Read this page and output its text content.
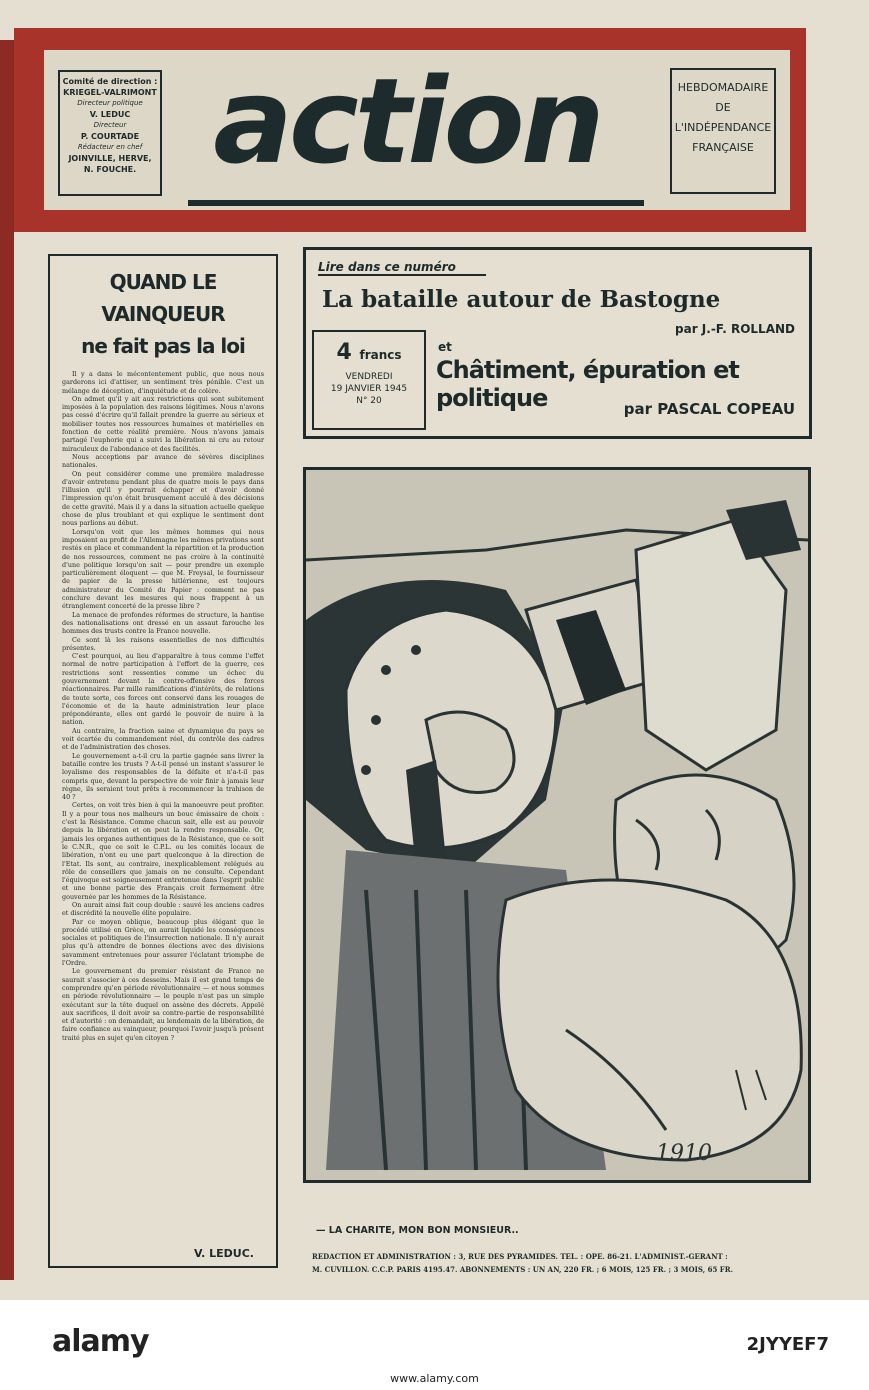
Comité de direction :
KRIEGEL-VALRIMONT
Directeur politique
V. LEDUC
Directeur
P. COURTADE
Rédacteur en chef
JOINVILLE, HERVE,
N. FOUCHE. action	HEBDOMADAIRE
DE
L'INDÉPENDANCE
FRANÇAISE
QUAND LE VAINQUEUR
ne fait pas la loi

Il y a dans le mécontentement public, que nous nous garderons ici d'attiser, un sentiment très pénible. C'est un mélange de déception, d'inquiétude et de colère.

On admet qu'il y ait aux restrictions qui sont subitement imposées à la population des raisons légitimes. Nous n'avons pas cessé d'écrire qu'il fallait prendre la guerre au sérieux et mobiliser toutes nos ressources humaines et matérielles en fonction de cette réalité première. Nous n'avons jamais partagé l'euphorie qui a suivi la libération ni cru au retour miraculeux de l'abondance et des facilités.

Nous acceptions par avance de sévères disciplines nationales.

On peut considérer comme une première maladresse d'avoir entretenu pendant plus de quatre mois le pays dans l'illusion qu'il y pourrait échapper et d'avoir donné l'impression qu'on était brusquement acculé à des décisions de cette gravité. Mais il y a dans la situation actuelle quelque chose de plus troublant et qui explique le sentiment dont nous parlions au début.

Lorsqu'on voit que les mêmes hommes qui nous imposaient au profit de l'Allemagne les mêmes privations sont restés en place et commandent la répartition et la production de nos ressources, comment ne pas croire à la continuité d'une politique lorsqu'on sait — pour prendre un exemple particulièrement éloquent — que M. Freysal, le fournisseur de papier de la presse hitlérienne, est toujours administrateur du Comité du Papier : comment ne pas conclure devant les mesures qui nous frappent à un étranglement concerté de la presse libre ?

La menace de profondes réformes de structure, la hantise des nationalisations ont dressé en un assaut farouche les hommes des trusts contre la France nouvelle.

Ce sont là les raisons essentielles de nos difficultés présentes.

C'est pourquoi, au lieu d'apparaître à tous comme l'effet normal de notre participation à l'effort de la guerre, ces restrictions sont ressenties comme un échec du gouvernement devant la contre-offensive des forces réactionnaires. Par mille ramifications d'intérêts, de relations de toute sorte, ces forces ont conservé dans les rouages de l'économie et de la haute administration leur place prépondérante, elles ont gardé le pouvoir de nuire à la nation.

Au contraire, la fraction saine et dynamique du pays se voit écartée du commandement réel, du contrôle des cadres et de l'administration des choses.

Le gouvernement a-t-il cru la partie gagnée sans livrer la bataille contre les trusts ? A-t-il pensé un instant s'assurer le loyalisme des responsables de la défaite et n'a-t-il pas compris que, devant la perspective de voir finir à jamais leur règne, ils seraient tout prêts à recommencer la trahison de 40 ?

Certes, on voit très bien à qui la manoeuvre peut profiter. Il y a pour tous nos malheurs un bouc émissaire de choix : c'est la Résistance. Comme chacun sait, elle est au pouvoir depuis la libération et on peut la rendre responsable. Or, jamais les organes authentiques de la Résistance, que ce soit le C.N.R., que ce soit le C.P.L. ou les comités locaux de libération, n'ont eu une part quelconque à la direction de l'Etat. Ils sont, au contraire, inexplicablement relégués au rôle de conseillers que jamais on ne consulte. Cependant l'équivoque est soigneusement entretenue dans l'esprit public et une bonne partie des Français croit fermement être gouvernée par les hommes de la Résistance.

On aurait ainsi fait coup double : sauvé les anciens cadres et discrédité la nouvelle élite populaire.

Par ce moyen oblique, beaucoup plus élégant que le procédé utilisé en Grèce, on aurait liquidé les conséquences sociales et politiques de l'insurrection nationale. Il n'y aurait plus qu'à attendre de bonnes élections avec des divisions savamment entretenues pour assurer l'éclatant triomphe de l'Ordre.

Le gouvernement du premier résistant de France ne saurait s'associer à ces desseins. Mais il est grand temps de comprendre qu'en période révolutionnaire — et nous sommes en période révolutionnaire — le peuple n'est pas un simple exécutant sur la tête duquel on assène des décrets. Appelé aux sacrifices, il doit avoir sa contre-partie de responsabilité et d'autorité : on demandait, au lendemain de la libération, de faire confiance au vainqueur, pourquoi l'avoir jusqu'à présent traité plus en sujet qu'en citoyen ?

V. LEDUC.
Lire dans ce numéro
La bataille autour de Bastogne
par J.-F. ROLLAND
4 francs
VENDREDI
19 JANVIER 1945
N° 20
et
Châtiment, épuration et politique	par PASCAL COPEAU
1910
— LA CHARITE, MON BON MONSIEUR..
REDACTION ET ADMINISTRATION : 3, RUE DES PYRAMIDES. TEL. : OPE. 86-21. L'ADMINIST.-GERANT :
M. CUVILLON. C.C.P. PARIS 4195.47. ABONNEMENTS : UN AN, 220 FR. ; 6 MOIS, 125 FR. ; 3 MOIS, 65 FR.
alamy	2JYYEF7
www.alamy.com
